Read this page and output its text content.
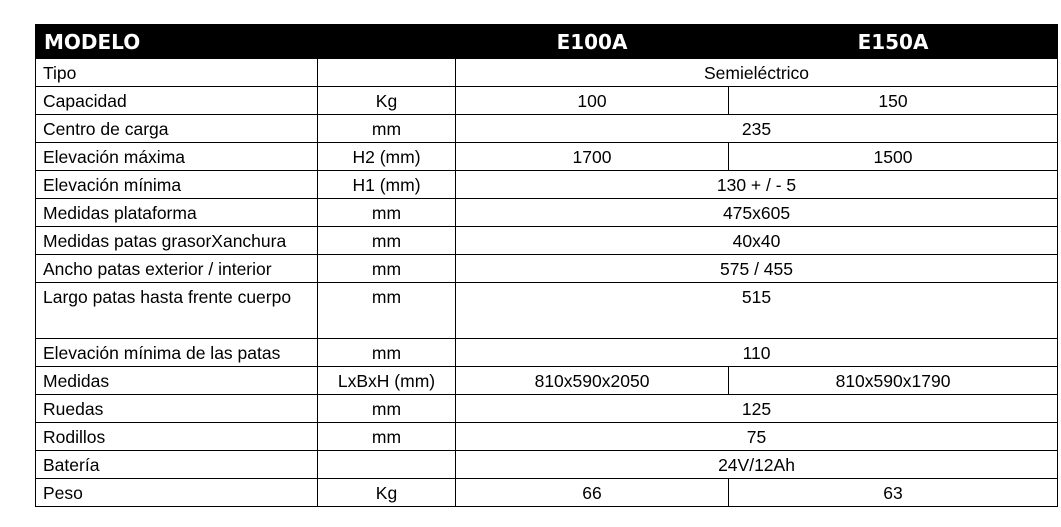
MODELO		E100A	E150A
Tipo		Semieléctrico	
Capacidad	Kg	100	150
Centro de carga	mm	235	
Elevación máxima	H2 (mm)	1700	1500
Elevación mínima	H1 (mm)	130 + / - 5	
Medidas plataforma	mm	475x605	
Medidas patas grasorXanchura	mm	40x40	
Ancho patas exterior / interior	mm	575 / 455	
Largo patas hasta frente cuerpo	mm	515	
Elevación mínima de las patas	mm	110	
Medidas	LxBxH (mm)	810x590x2050	810x590x1790
Ruedas	mm	125	
Rodillos	mm	75	
Batería		24V/12Ah	
Peso	Kg	66	63
